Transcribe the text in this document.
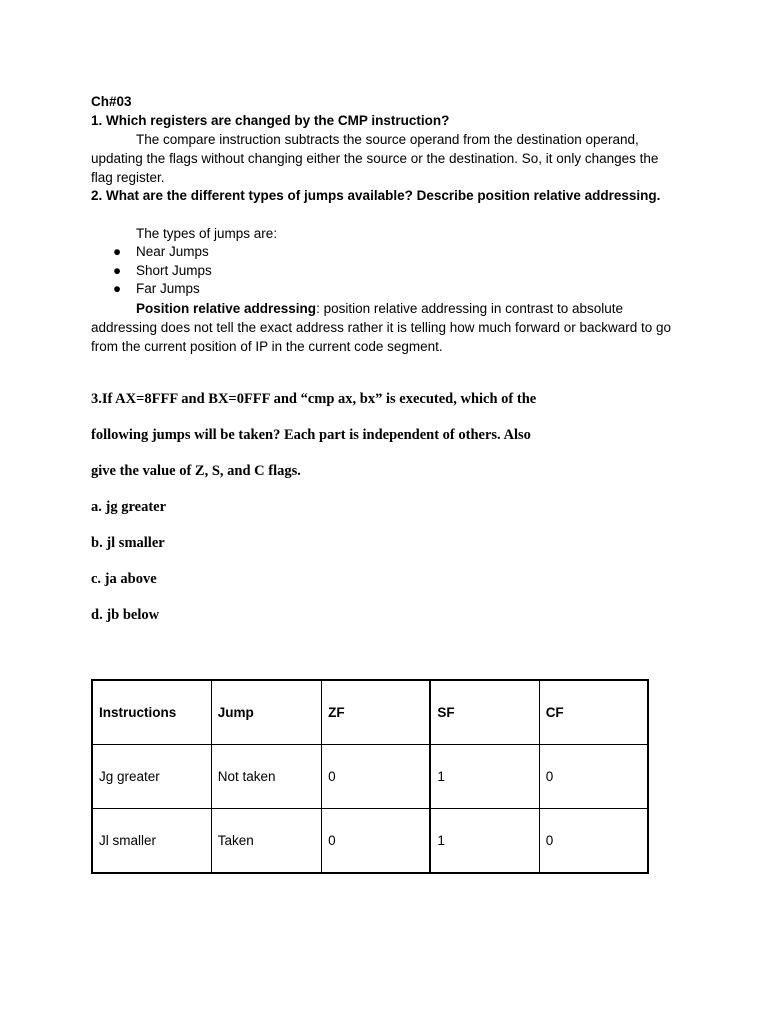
Ch#03

1. Which registers are changed by the CMP instruction?

The compare instruction subtracts the source operand from the destination operand, updating the flags without changing either the source or the destination. So, it only changes the flag register.

2. What are the different types of jumps available? Describe position relative addressing.

The types of jumps are:

● Near Jumps
● Short Jumps
● Far Jumps

Position relative addressing: position relative addressing in contrast to absolute addressing does not tell the exact address rather it is telling how much forward or backward to go from the current position of IP in the current code segment.

3.If AX=8FFF and BX=0FFF and “cmp ax, bx” is executed, which of the

following jumps will be taken? Each part is independent of others. Also

give the value of Z, S, and C flags.

a. jg greater

b. jl smaller

c. ja above

d. jb below

Instructions	Jump	ZF	SF	CF
Jg greater	Not taken	0	1	0
Jl smaller	Taken	0	1	0
